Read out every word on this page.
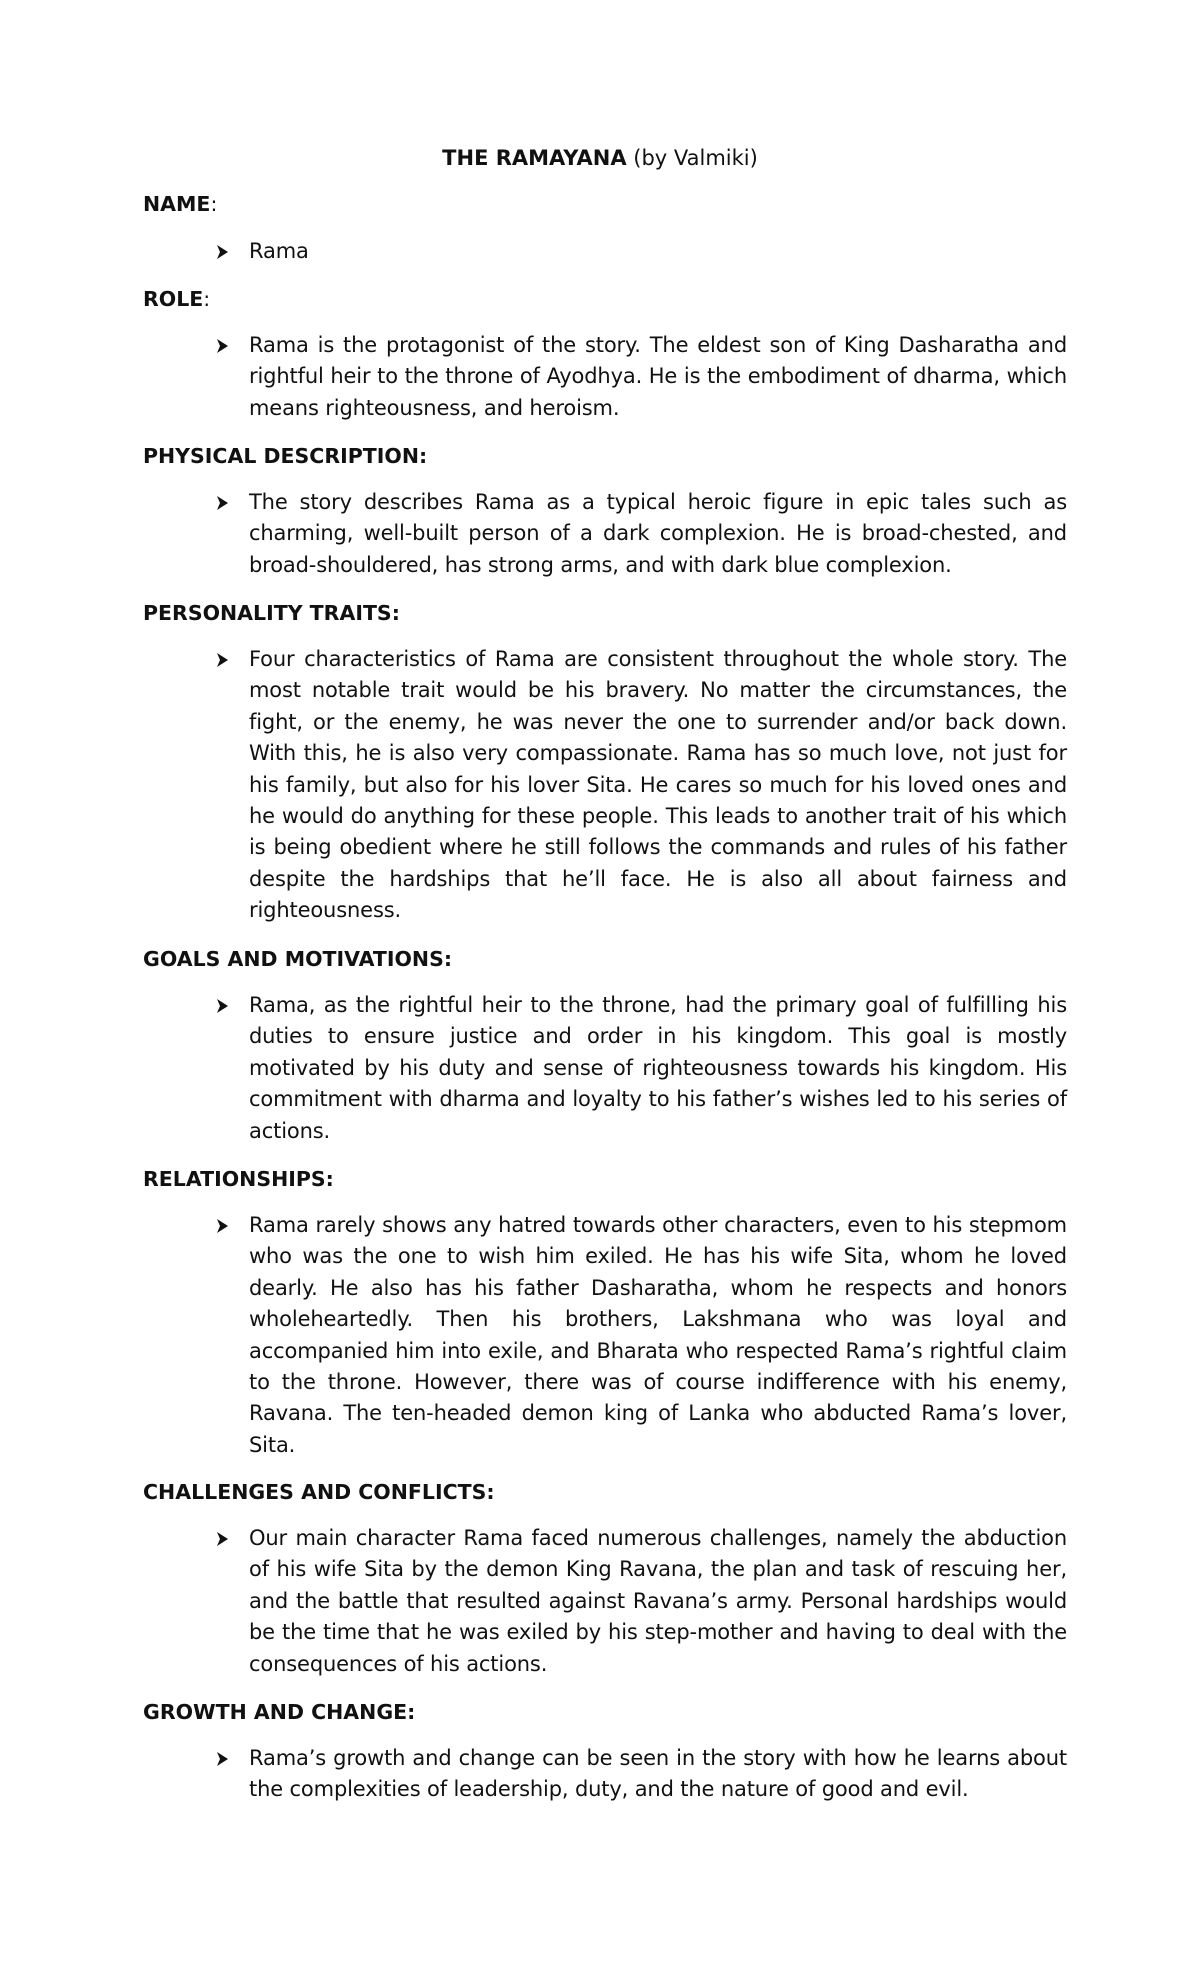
THE RAMAYANA (by Valmiki)
NAME:

Rama

ROLE:

Rama is the protagonist of the story. The eldest son of King Dasharatha and rightful heir to the throne of Ayodhya. He is the embodiment of dharma, which means righteousness, and heroism.

PHYSICAL DESCRIPTION:

The story describes Rama as a typical heroic figure in epic tales such as charming, well-built person of a dark complexion. He is broad-chested, and broad-shouldered, has strong arms, and with dark blue complexion.

PERSONALITY TRAITS:

Four characteristics of Rama are consistent throughout the whole story. The most notable trait would be his bravery. No matter the circumstances, the fight, or the enemy, he was never the one to surrender and/or back down. With this, he is also very compassionate. Rama has so much love, not just for his family, but also for his lover Sita. He cares so much for his loved ones and he would do anything for these people. This leads to another trait of his which is being obedient where he still follows the commands and rules of his father despite the hardships that he’ll face. He is also all about fairness and righteousness.

GOALS AND MOTIVATIONS:

Rama, as the rightful heir to the throne, had the primary goal of fulfilling his duties to ensure justice and order in his kingdom. This goal is mostly motivated by his duty and sense of righteousness towards his kingdom. His commitment with dharma and loyalty to his father’s wishes led to his series of actions.

RELATIONSHIPS:

Rama rarely shows any hatred towards other characters, even to his stepmom who was the one to wish him exiled. He has his wife Sita, whom he loved dearly. He also has his father Dasharatha, whom he respects and honors wholeheartedly. Then his brothers, Lakshmana who was loyal and accompanied him into exile, and Bharata who respected Rama’s rightful claim to the throne. However, there was of course indifference with his enemy, Ravana. The ten-headed demon king of Lanka who abducted Rama’s lover, Sita.

CHALLENGES AND CONFLICTS:

Our main character Rama faced numerous challenges, namely the abduction of his wife Sita by the demon King Ravana, the plan and task of rescuing her, and the battle that resulted against Ravana’s army. Personal hardships would be the time that he was exiled by his step-mother and having to deal with the consequences of his actions.

GROWTH AND CHANGE:

Rama’s growth and change can be seen in the story with how he learns about the complexities of leadership, duty, and the nature of good and evil.
